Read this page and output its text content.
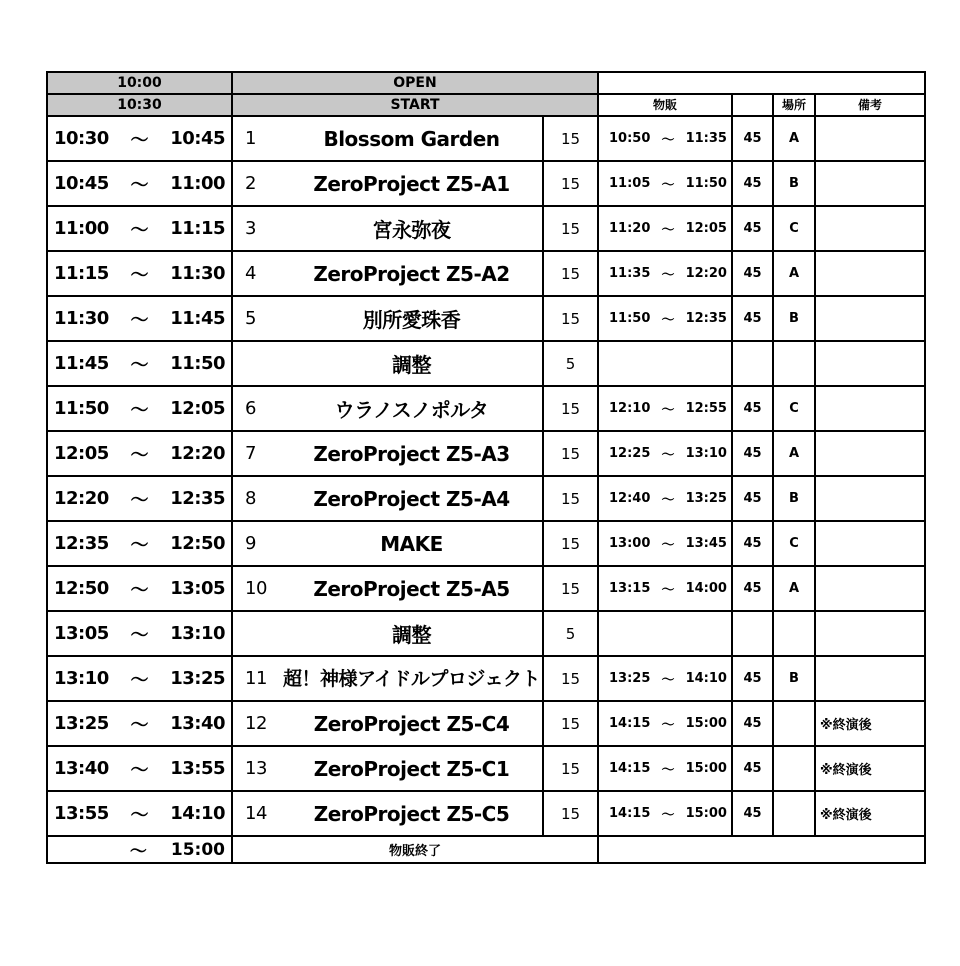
10:00	OPEN					
10:30	START		物販		場所	備考

10:30 〜 10:45	1 Blossom Garden	15	10:50 〜 11:35	45	A	

10:45 〜 11:00	2 ZeroProject Z5-A1	15	11:05 〜 11:50	45	B	

11:00 〜 11:15	3 宮永弥夜	15	11:20 〜 12:05	45	C	

11:15 〜 11:30	4 ZeroProject Z5-A2	15	11:35 〜 12:20	45	A	

11:30 〜 11:45	5 別所愛珠香	15	11:50 〜 12:35	45	B	

11:45 〜 11:50	調整	5	

11:50 〜 12:05	6 ウラノスノポルタ	15	12:10 〜 12:55	45	C	

12:05 〜 12:20	7 ZeroProject Z5-A3	15	12:25 〜 13:10	45	A	

12:20 〜 12:35	8 ZeroProject Z5-A4	15	12:40 〜 13:25	45	B	

12:35 〜 12:50	9 MAKE	15	13:00 〜 13:45	45	C	

12:50 〜 13:05	10 ZeroProject Z5-A5	15	13:15 〜 14:00	45	A	

13:05 〜 13:10	調整	5	

13:10 〜 13:25	11 超！神様アイドルプロジェクト	15	13:25 〜 14:10	45	B	

13:25 〜 13:40	12 ZeroProject Z5-C4	15	14:15 〜 15:00	45		※終演後

13:40 〜 13:55	13 ZeroProject Z5-C1	15	14:15 〜 15:00	45		※終演後

13:55 〜 14:10	14 ZeroProject Z5-C5	15	14:15 〜 15:00	45		※終演後

〜 15:00	物販終了					
